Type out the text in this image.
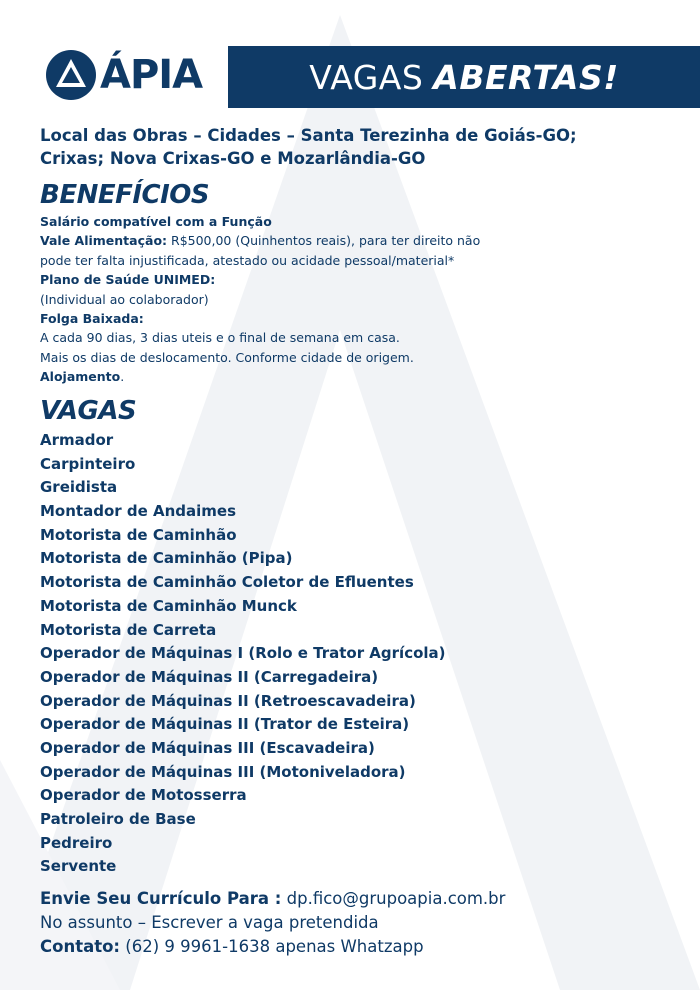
ÁPIA	VAGAS ABERTAS!
Local das Obras – Cidades – Santa Terezinha de Goiás-GO;
Crixas; Nova Crixas-GO e Mozarlândia-GO
BENEFÍCIOS
Salário compatível com a Função
Vale Alimentação: R$500,00 (Quinhentos reais), para ter direito não
pode ter falta injustificada, atestado ou acidade pessoal/material*
Plano de Saúde UNIMED:
(Individual ao colaborador)
Folga Baixada:
A cada 90 dias, 3 dias uteis e o final de semana em casa.
Mais os dias de deslocamento. Conforme cidade de origem.
Alojamento.
VAGAS
Armador
Carpinteiro
Greidista
Montador de Andaimes
Motorista de Caminhão
Motorista de Caminhão (Pipa)
Motorista de Caminhão Coletor de Efluentes
Motorista de Caminhão Munck
Motorista de Carreta
Operador de Máquinas I (Rolo e Trator Agrícola)
Operador de Máquinas II (Carregadeira)
Operador de Máquinas II (Retroescavadeira)
Operador de Máquinas II (Trator de Esteira)
Operador de Máquinas III (Escavadeira)
Operador de Máquinas III (Motoniveladora)
Operador de Motosserra
Patroleiro de Base
Pedreiro
Servente
Envie Seu Currículo Para : dp.fico@grupoapia.com.br
No assunto – Escrever a vaga pretendida
Contato: (62) 9 9961-1638 apenas Whatzapp
